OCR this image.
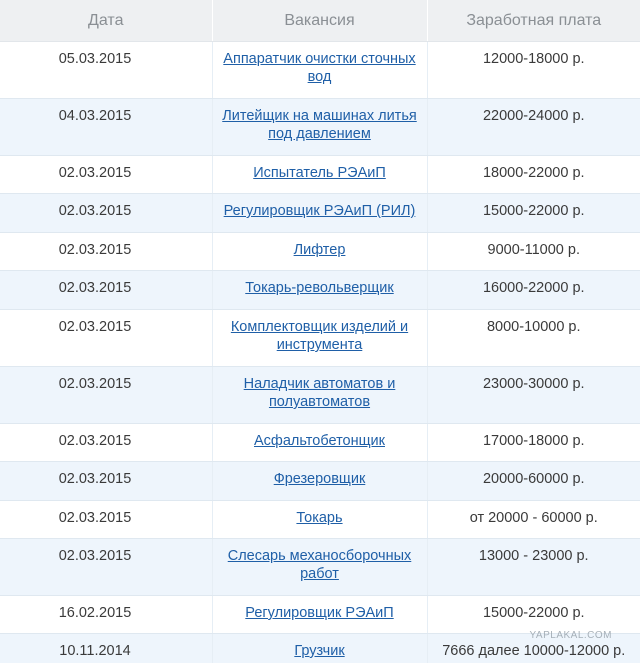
Дата	Вакансия	Заработная плата

05.03.2015	Аппаратчик очистки сточных вод	12000-18000 р.

04.03.2015	Литейщик на машинах литья под давлением	22000-24000 р.

02.03.2015	Испытатель РЭАиП	18000-22000 р.

02.03.2015	Регулировщик РЭАиП (РИЛ)	15000-22000 р.

02.03.2015	Лифтер	9000-11000 р.

02.03.2015	Токарь-револьверщик	16000-22000 р.

02.03.2015	Комплектовщик изделий и инструмента	8000-10000 р.

02.03.2015	Наладчик автоматов и полуавтоматов	23000-30000 р.

02.03.2015	Асфальтобетонщик	17000-18000 р.

02.03.2015	Фрезеровщик	20000-60000 р.

02.03.2015	Токарь	от 20000 - 60000 р.

02.03.2015	Слесарь механосборочных работ	13000 - 23000 р.

16.02.2015	Регулировщик РЭАиП	15000-22000 р.

10.11.2014	Грузчик	7666 далее 10000-12000 р.
YAPLAKAL.COM
